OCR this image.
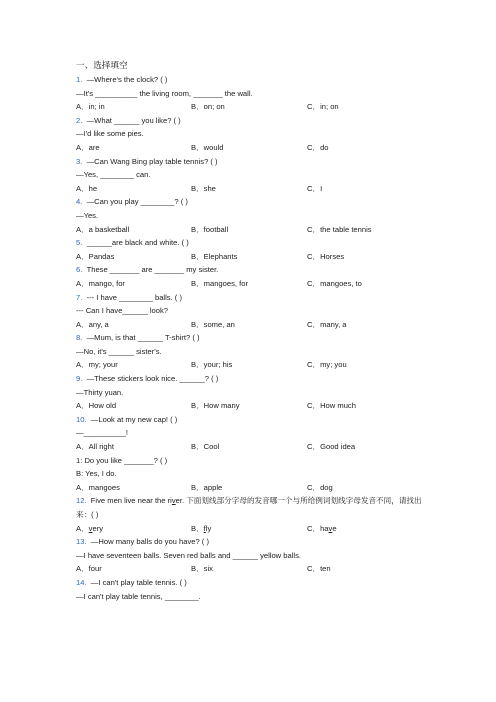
一、选择填空
1. —Where's the clock? ( )
—It's __________ the living room, _______ the wall.
A．in; in	B．on; on	C．in; on
2. —What ______ you like? ( )
—I'd like some pies.
A．are	B．would	C．do
3. —Can Wang Bing play table tennis? ( )
—Yes, ________ can.
A．he	B．she	C．I
4. —Can you play ________? ( )
—Yes.
A．a basketball	B．football	C．the table tennis
5. ______are black and white. ( )
A．Pandas	B．Elephants	C．Horses
6. These _______ are _______ my sister.
A．mango, for	B．mangoes, for	C．mangoes, to
7. --- I have ________ balls. ( )
--- Can I have______ look?
A．any, a	B．some, an	C．many, a
8. —Mum, is that ______ T-shirt? ( )
—No, it's ______ sister's.
A．my; your	B．your; his	C．my; you
9. —These stickers look nice. ______? ( )
—Thirty yuan.
A．How old	B．How many	C．How much
10. —Look at my new cap! ( )
—__________!
A．All right	B．Cool	C．Good idea
1: Do you like _______? ( )
B: Yes, I do.
A．mangoes	B．apple	C．dog
12. Five men live near the river. 下面划线部分字母的发音哪一个与所给例词划线字母发音不同，请找出来：( )
A．very	B．fly	C．have
13. —How many balls do you have? ( )
—I have seventeen balls. Seven red balls and ______ yellow balls.
A．four	B．six	C．ten
14. —I can't play table tennis. ( )
—I can't play table tennis, ________.
